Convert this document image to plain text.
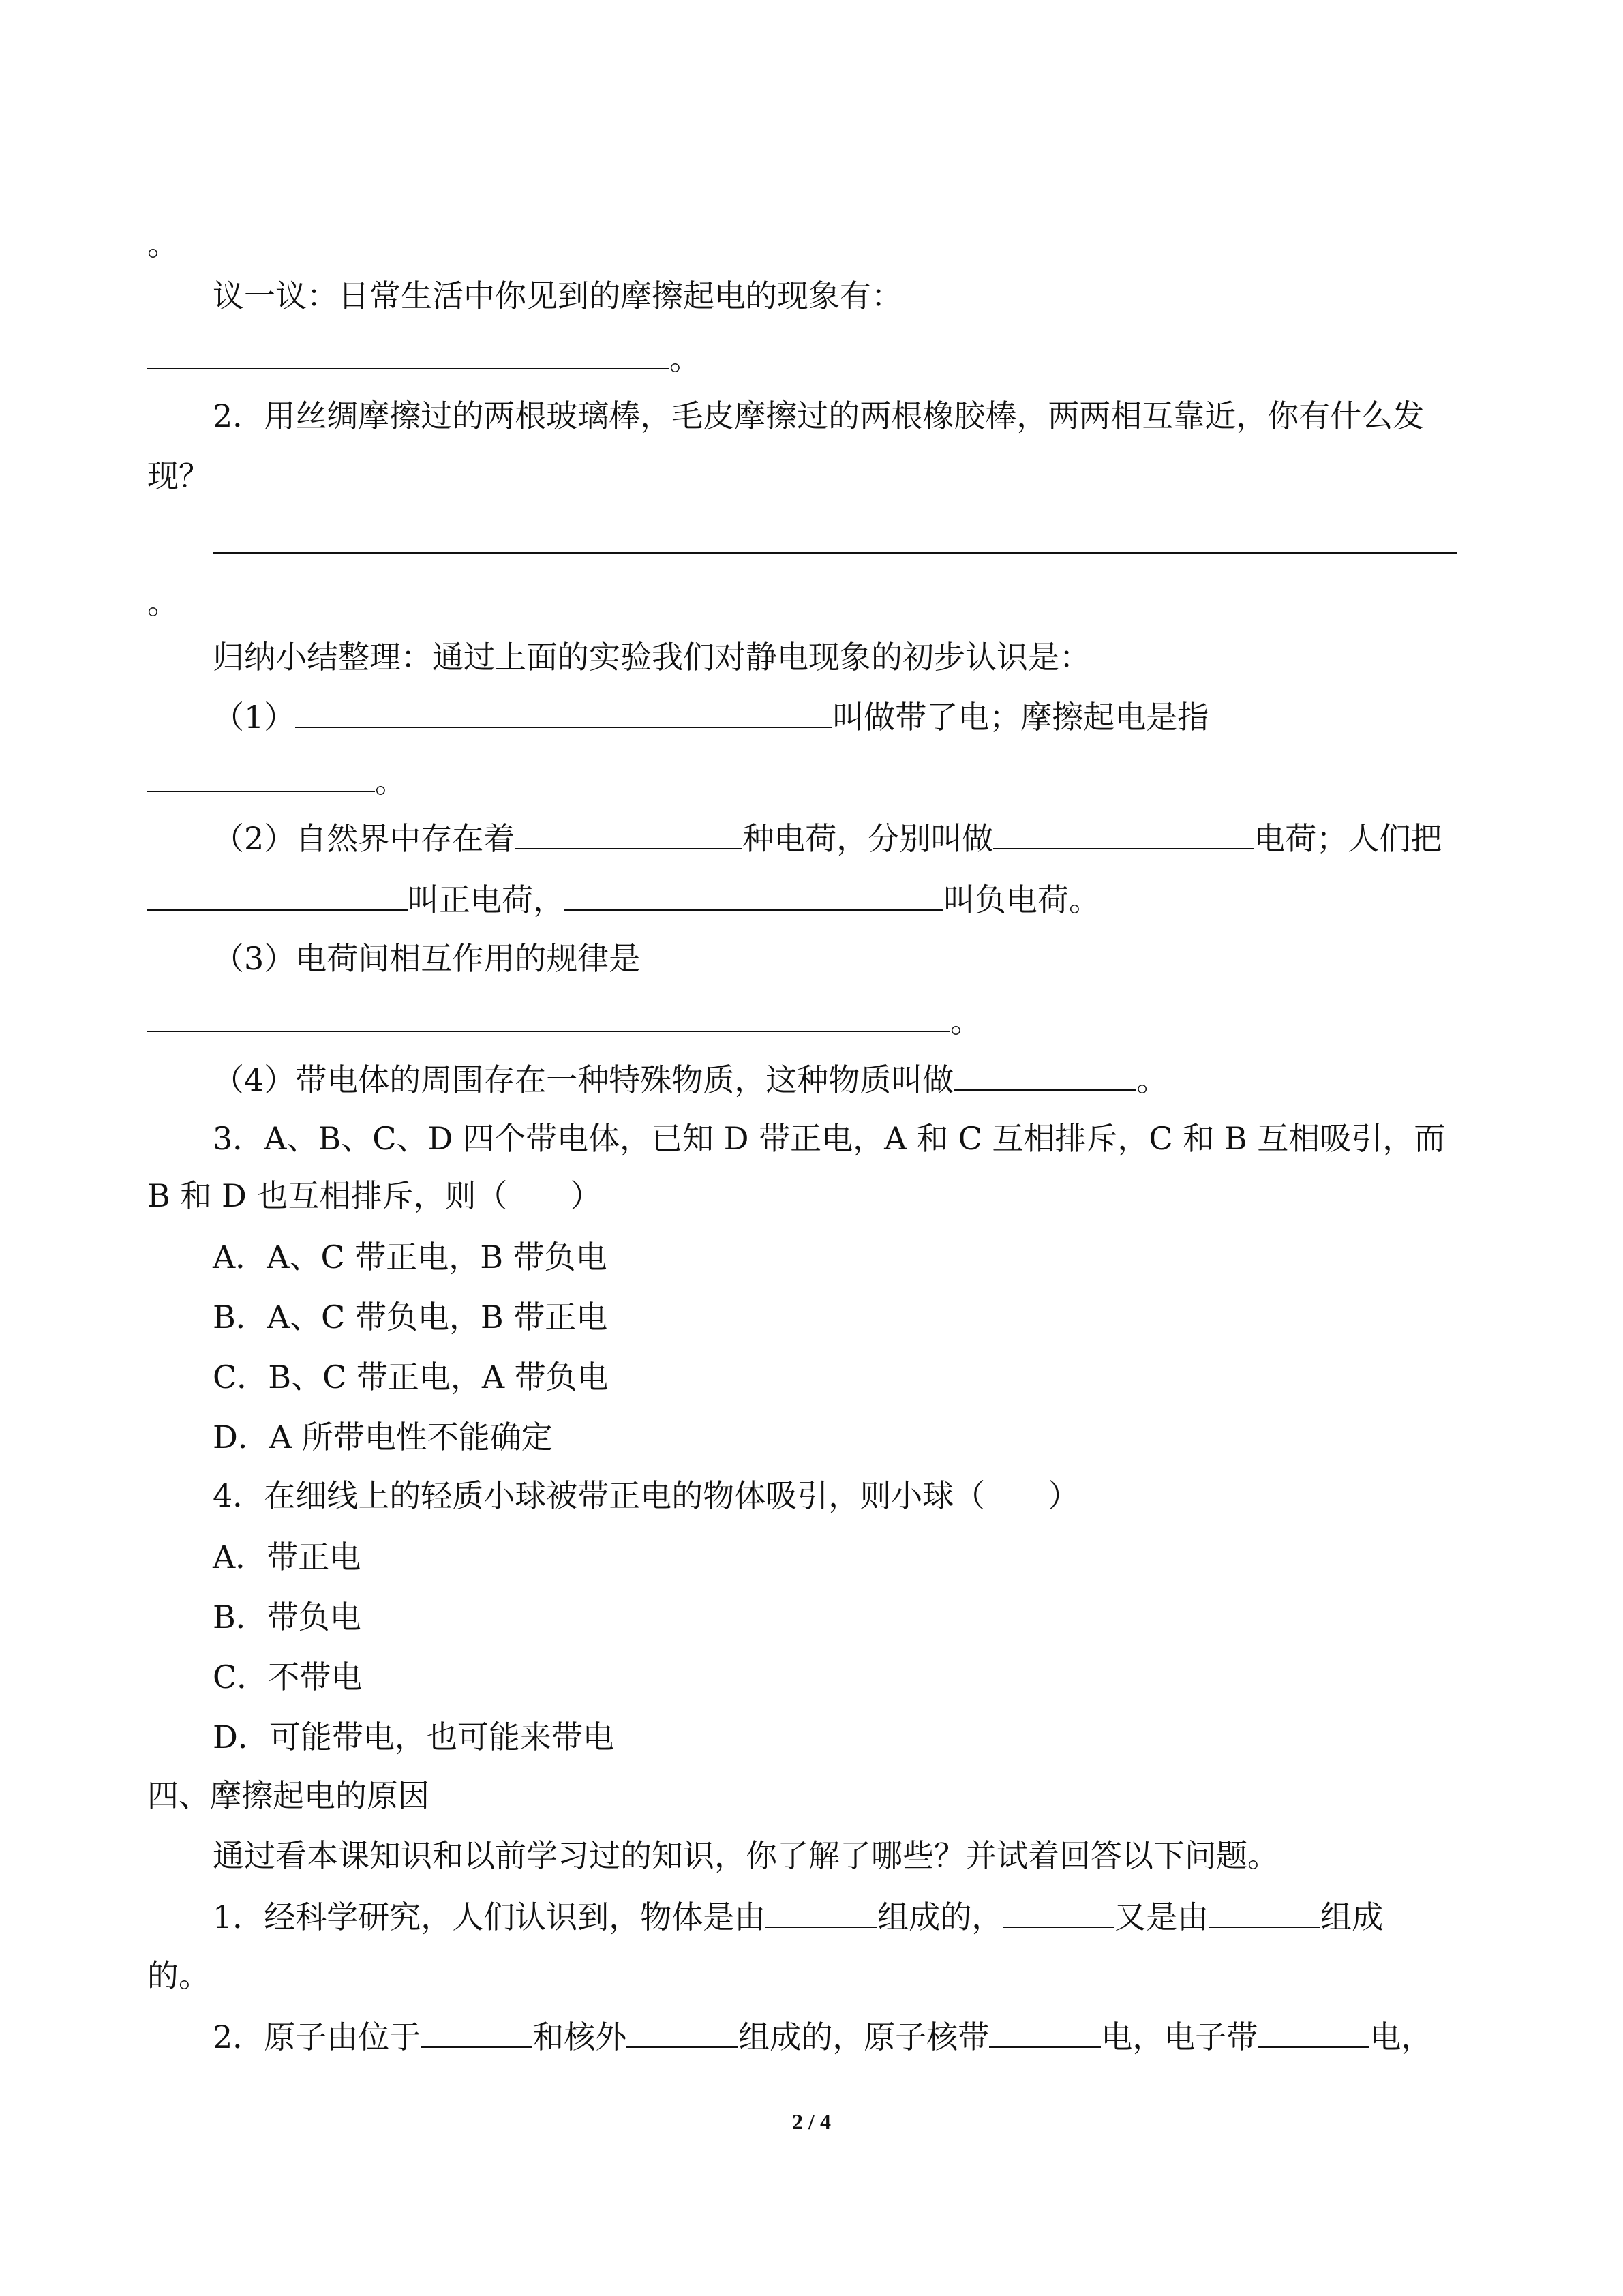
。
议一议：日常生活中你见到的摩擦起电的现象有：
。
2．用丝绸摩擦过的两根玻璃棒，毛皮摩擦过的两根橡胶棒，两两相互靠近，你有什么发
现？
。
归纳小结整理：通过上面的实验我们对静电现象的初步认识是：
（1）	叫做带了电；摩擦起电是指
。
（2）自然界中存在着	种电荷，分别叫做	电荷；人们把
叫正电荷，	叫负电荷。
（3）电荷间相互作用的规律是
。
（4）带电体的周围存在一种特殊物质，这种物质叫做	。
3．A、B、C、D 四个带电体，已知 D 带正电，A 和 C 互相排斥，C 和 B 互相吸引，而
B 和 D 也互相排斥，则（　　）
A．A、C 带正电，B 带负电
B．A、C 带负电，B 带正电
C．B、C 带正电，A 带负电
D．A 所带电性不能确定
4．在细线上的轻质小球被带正电的物体吸引，则小球（　　）
A．带正电
B．带负电
C．不带电
D．可能带电，也可能来带电
四、摩擦起电的原因
通过看本课知识和以前学习过的知识，你了解了哪些？并试着回答以下问题。
1．经科学研究，人们认识到，物体是由	组成的，	又是由	组成
的。
2．原子由位于	和核外	组成的，原子核带	电，电子带	电，
2 / 4
